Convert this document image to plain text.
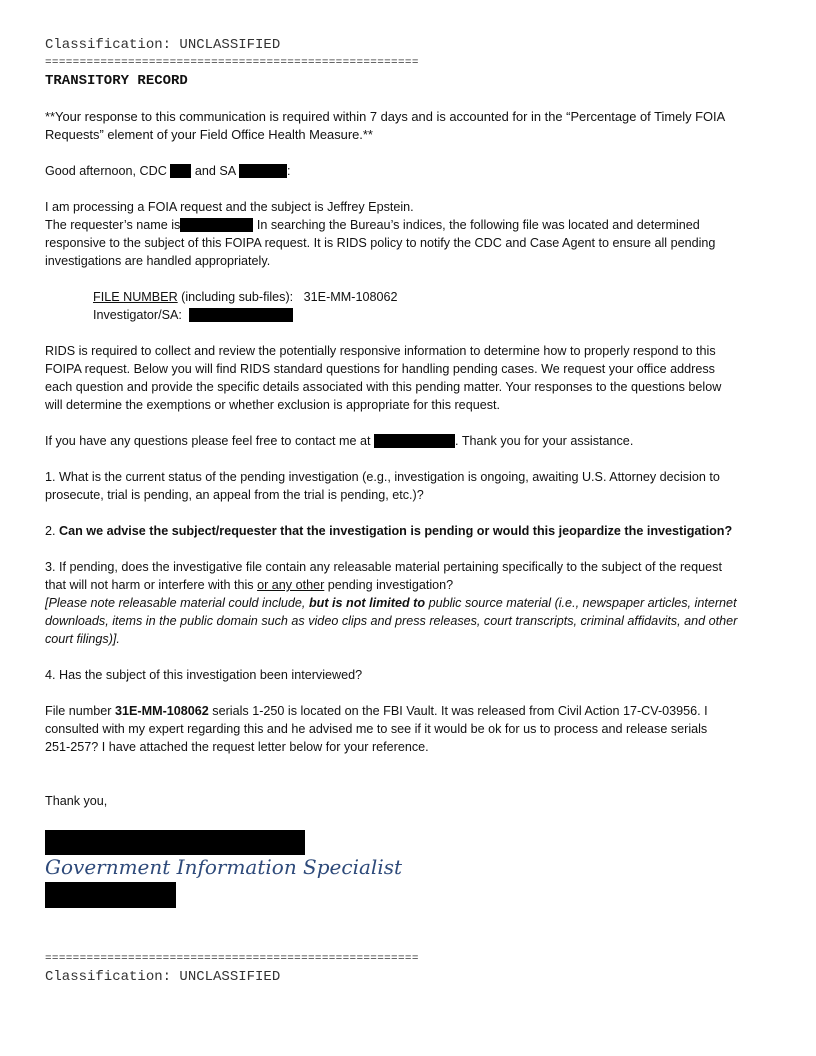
Classification: UNCLASSIFIED
======================================================
TRANSITORY RECORD
**Your response to this communication is required within 7 days and is accounted for in the “Percentage of Timely FOIA
Requests” element of your Field Office Health Measure.**
Good afternoon, CDC and SA	:
I am processing a FOIA request and the subject is Jeffrey Epstein.
The requester’s name is	In searching the Bureau’s indices, the following file was located and determined
responsive to the subject of this FOIPA request. It is RIDS policy to notify the CDC and Case Agent to ensure all pending
investigations are handled appropriately.
FILE NUMBER (including sub-files): 31E-MM-108062
Investigator/SA:
RIDS is required to collect and review the potentially responsive information to determine how to properly respond to this
FOIPA request. Below you will find RIDS standard questions for handling pending cases. We request your office address
each question and provide the specific details associated with this pending matter. Your responses to the questions below
will determine the exemptions or whether exclusion is appropriate for this request.
If you have any questions please feel free to contact me at	. Thank you for your assistance.
1. What is the current status of the pending investigation (e.g., investigation is ongoing, awaiting U.S. Attorney decision to
prosecute, trial is pending, an appeal from the trial is pending, etc.)?
2. Can we advise the subject/requester that the investigation is pending or would this jeopardize the investigation?
3. If pending, does the investigative file contain any releasable material pertaining specifically to the subject of the request
that will not harm or interfere with this or any other pending investigation?
[Please note releasable material could include, but is not limited to public source material (i.e., newspaper articles, internet
downloads, items in the public domain such as video clips and press releases, court transcripts, criminal affidavits, and other
court filings)].
4. Has the subject of this investigation been interviewed?
File number 31E-MM-108062 serials 1-250 is located on the FBI Vault. It was released from Civil Action 17-CV-03956. I
consulted with my expert regarding this and he advised me to see if it would be ok for us to process and release serials
251-257? I have attached the request letter below for your reference.
Thank you,
Government Information Specialist
======================================================
Classification: UNCLASSIFIED
